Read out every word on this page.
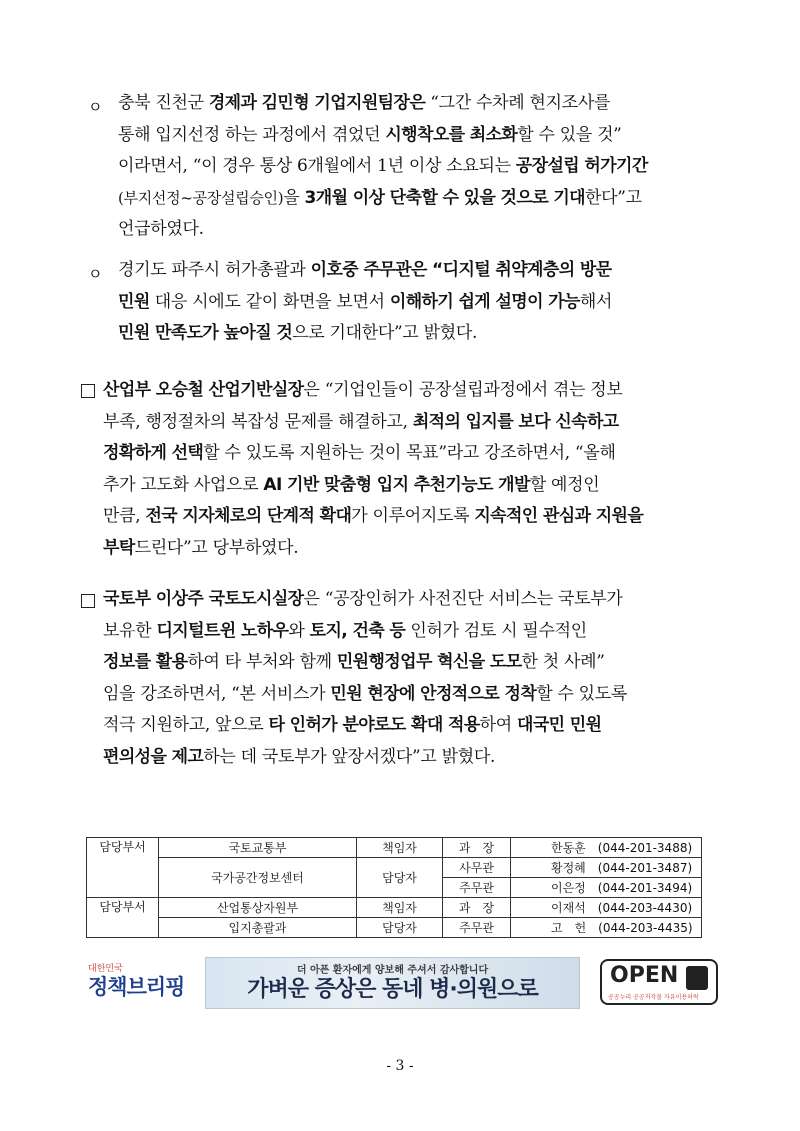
ㅇ 충북 진천군 경제과 김민형 기업지원팀장은 “그간 수차례 현지조사를
통해 입지선정 하는 과정에서 겪었던 시행착오를 최소화할 수 있을 것”
이라면서, “이 경우 통상 6개월에서 1년 이상 소요되는 공장설립 허가기간
(부지선정~공장설립승인)을 3개월 이상 단축할 수 있을 것으로 기대한다”고
언급하였다.
ㅇ 경기도 파주시 허가총괄과 이호중 주무관은 “디지털 취약계층의 방문
민원 대응 시에도 같이 화면을 보면서 이해하기 쉽게 설명이 가능해서
민원 만족도가 높아질 것으로 기대한다”고 밝혔다.
산업부 오승철 산업기반실장은 “기업인들이 공장설립과정에서 겪는 정보
부족, 행정절차의 복잡성 문제를 해결하고, 최적의 입지를 보다 신속하고
정확하게 선택할 수 있도록 지원하는 것이 목표”라고 강조하면서, “올해
추가 고도화 사업으로 AI 기반 맞춤형 입지 추천기능도 개발할 예정인
만큼, 전국 지자체로의 단계적 확대가 이루어지도록 지속적인 관심과 지원을
부탁드린다”고 당부하였다.
국토부 이상주 국토도시실장은 “공장인허가 사전진단 서비스는 국토부가
보유한 디지털트윈 노하우와 토지, 건축 등 인허가 검토 시 필수적인
정보를 활용하여 타 부처와 함께 민원행정업무 혁신을 도모한 첫 사례”
임을 강조하면서, “본 서비스가 민원 현장에 안정적으로 정착할 수 있도록
적극 지원하고, 앞으로 타 인허가 분야로도 확대 적용하여 대국민 민원
편의성을 제고하는 데 국토부가 앞장서겠다”고 밝혔다.
담당부서	국토교통부	책임자	과　장	한동훈　(044-201-3488)
	국가공간정보센터	담당자	사무관	황정혜　(044-201-3487)
			주무관	이은정　(044-201-3494)
담당부서	산업통상자원부	책임자	과　장	이재석　(044-203-4430)
	입지총괄과	담당자	주무관	고　헌　(044-203-4435)
대한민국
정책브리핑
더 아픈 환자에게 양보해 주셔서 감사합니다
가벼운 증상은 동네 병·의원으로
OPEN
공공누리 공공저작물 자유이용허락
- 3 -
